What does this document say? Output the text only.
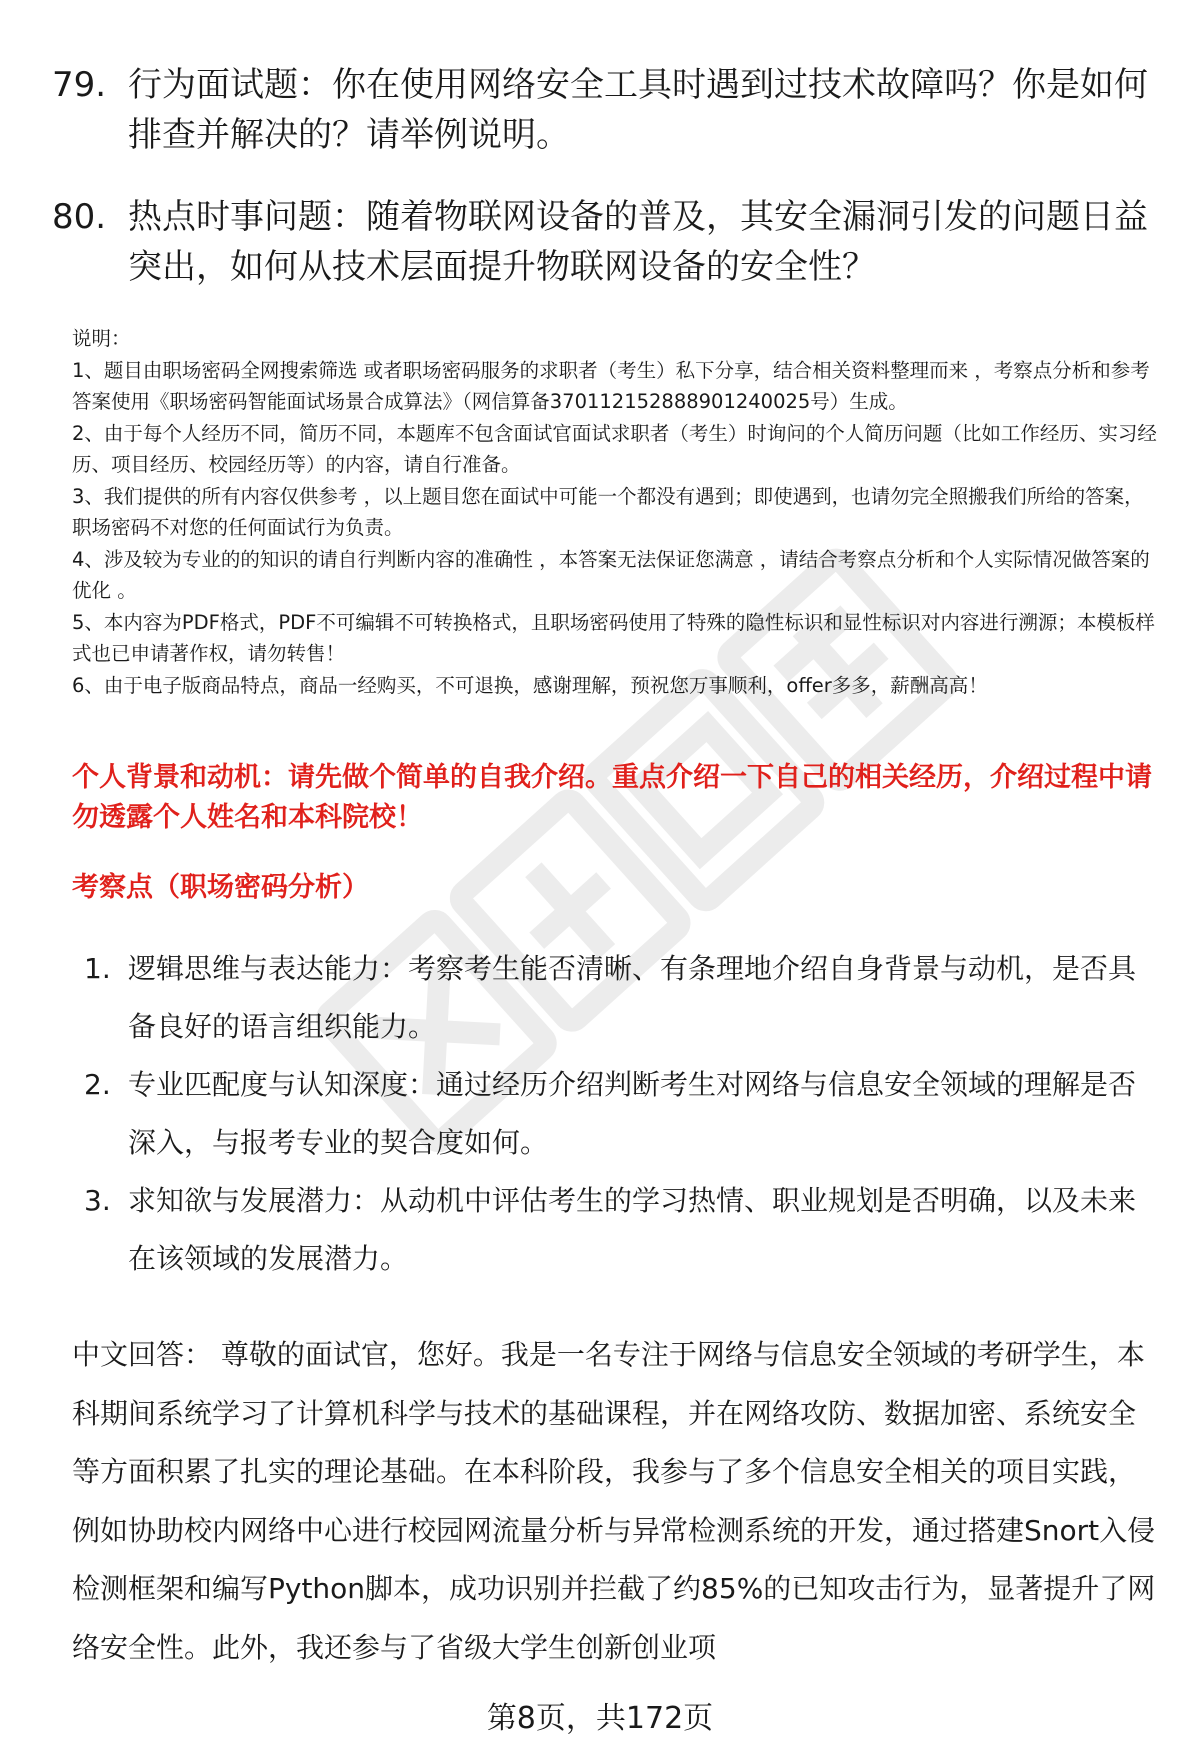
79. 行为面试题：你在使用网络安全工具时遇到过技术故障吗？你是如何排查并解决的？请举例说明。
80. 热点时事问题：随着物联网设备的普及，其安全漏洞引发的问题日益突出，如何从技术层面提升物联网设备的安全性？

说明：

1、题目由职场密码全网搜索筛选 或者职场密码服务的求职者（考生）私下分享，结合相关资料整理而来 ，考察点分析和参考答案使用《职场密码智能面试场景合成算法》（网信算备370112152888901240025号）生成。

2、由于每个人经历不同，简历不同，本题库不包含面试官面试求职者（考生）时询问的个人简历问题（比如工作经历、实习经历、项目经历、校园经历等）的内容，请自行准备。

3、我们提供的所有内容仅供参考 ，以上题目您在面试中可能一个都没有遇到；即使遇到，也请勿完全照搬我们所给的答案，职场密码不对您的任何面试行为负责。

4、涉及较为专业的的知识的请自行判断内容的准确性 ，本答案无法保证您满意 ，请结合考察点分析和个人实际情况做答案的优化 。

5、本内容为PDF格式，PDF不可编辑不可转换格式，且职场密码使用了特殊的隐性标识和显性标识对内容进行溯源；本模板样式也已申请著作权，请勿转售！

6、由于电子版商品特点，商品一经购买，不可退换，感谢理解，预祝您万事顺利，offer多多，薪酬高高！

个人背景和动机：请先做个简单的自我介绍。重点介绍一下自己的相关经历，介绍过程中请勿透露个人姓名和本科院校！
考察点（职场密码分析）
1. 逻辑思维与表达能力：考察考生能否清晰、有条理地介绍自身背景与动机，是否具备良好的语言组织能力。
2. 专业匹配度与认知深度：通过经历介绍判断考生对网络与信息安全领域的理解是否深入，与报考专业的契合度如何。
3. 求知欲与发展潜力：从动机中评估考生的学习热情、职业规划是否明确，以及未来在该领域的发展潜力。
中文回答： 尊敬的面试官，您好。我是一名专注于网络与信息安全领域的考研学生，本科期间系统学习了计算机科学与技术的基础课程，并在网络攻防、数据加密、系统安全等方面积累了扎实的理论基础。在本科阶段，我参与了多个信息安全相关的项目实践，例如协助校内网络中心进行校园网流量分析与异常检测系统的开发，通过搭建Snort入侵检测框架和编写Python脚本，成功识别并拦截了约85%的已知攻击行为，显著提升了网络安全性。此外，我还参与了省级大学生创新创业项
第8页，共172页
